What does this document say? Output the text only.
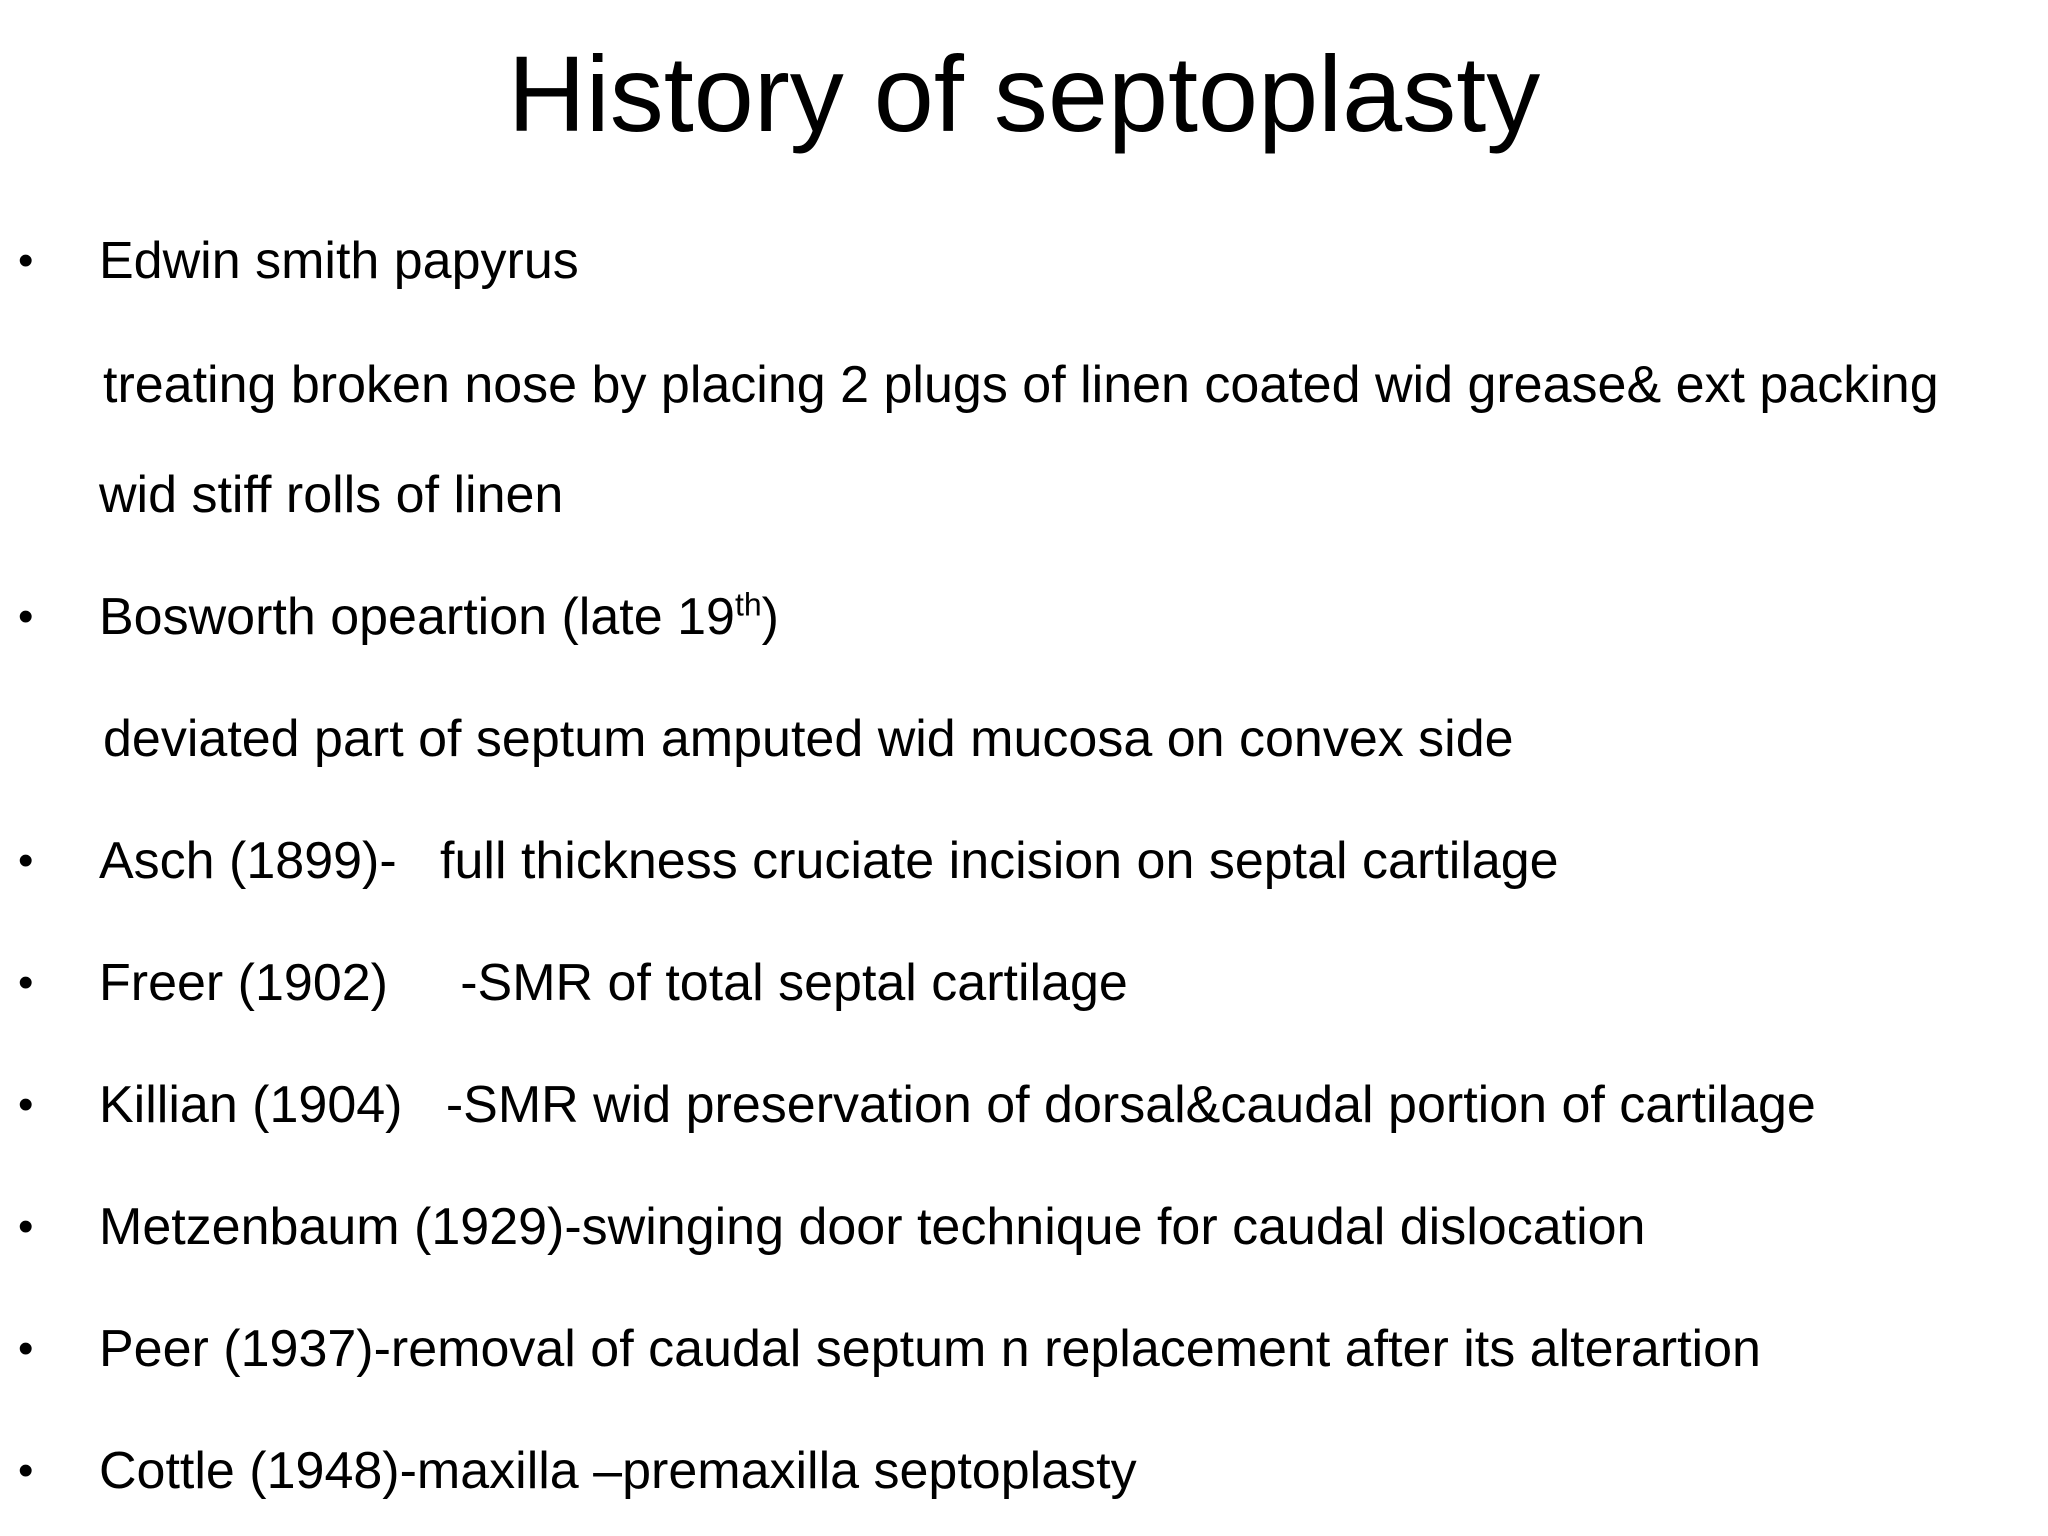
History of septoplasty
• Edwin smith papyrus
treating broken nose by placing 2 plugs of linen coated wid grease& ext packing
wid stiff rolls of linen
• Bosworth opeartion (late 19th)
deviated part of septum amputed wid mucosa on convex side
• Asch (1899)-   full thickness cruciate incision on septal cartilage
• Freer (1902)     -SMR of total septal cartilage
• Killian (1904)   -SMR wid preservation of dorsal&caudal portion of cartilage
• Metzenbaum (1929)-swinging door technique for caudal dislocation
• Peer (1937)-removal of caudal septum n replacement after its alterartion
• Cottle (1948)-maxilla –premaxilla septoplasty
